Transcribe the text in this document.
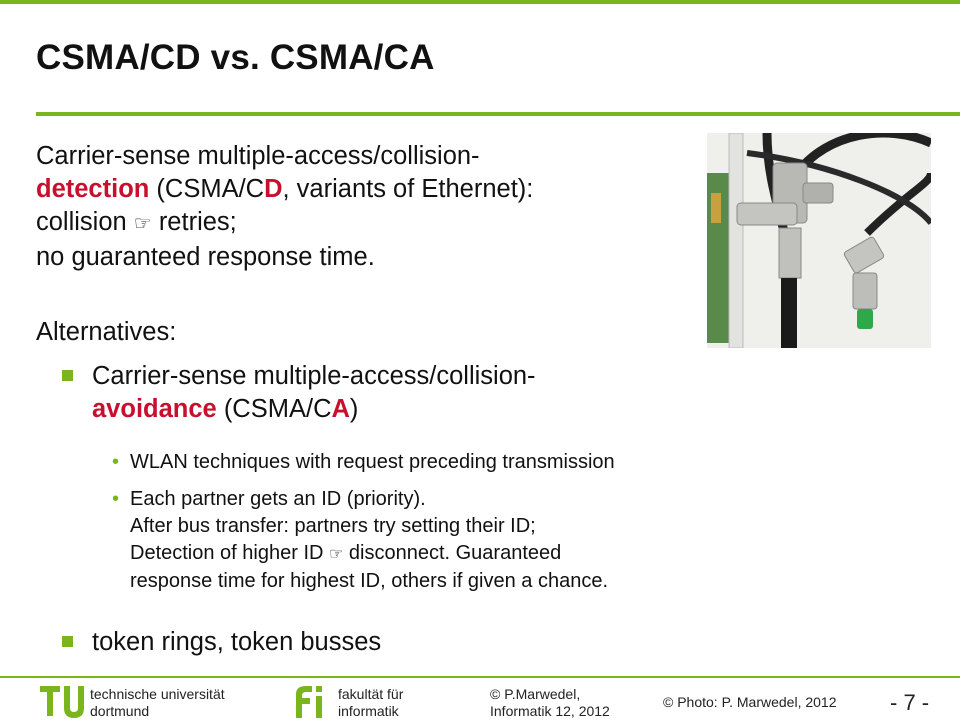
CSMA/CD vs. CSMA/CA
Carrier-sense multiple-access/collision-
detection (CSMA/CD, variants of Ethernet):
collision ☞ retries;
no guaranteed response time.
Alternatives:
Carrier-sense multiple-access/collision-
avoidance (CSMA/CA)
• WLAN techniques with request preceding transmission
• Each partner gets an ID (priority).
After bus transfer: partners try setting their ID;
Detection of higher ID ☞ disconnect. Guaranteed
response time for highest ID, others if given a chance.
token rings, token busses
technische universität
dortmund
fakultät für
informatik
© P.Marwedel,
Informatik 12, 2012
© Photo: P. Marwedel, 2012 - 7 -
